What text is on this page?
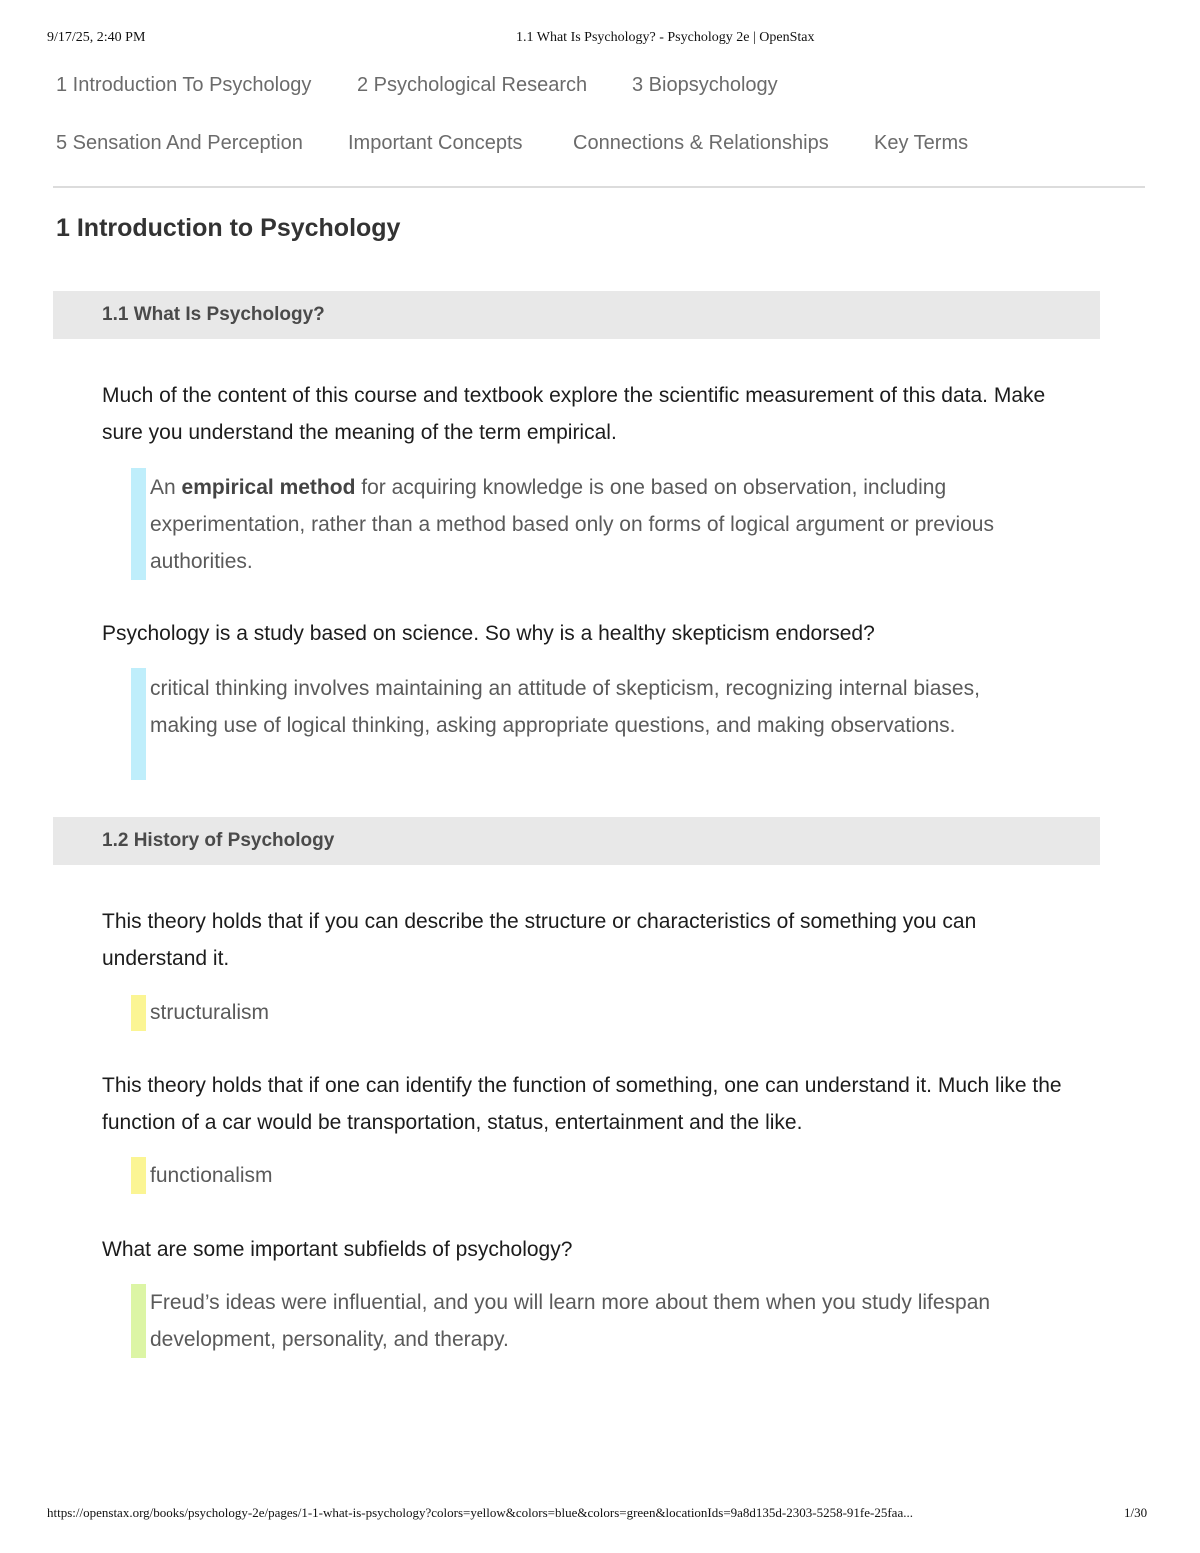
9/17/25, 2:40 PM	1.1 What Is Psychology? - Psychology 2e | OpenStax
1 Introduction To Psychology 2 Psychological Research 3 Biopsychology
5 Sensation And Perception Important Concepts	Connections & Relationships Key Terms
1 Introduction to Psychology
1.1 What Is Psychology?
Much of the content of this course and textbook explore the scientific measurement of this data. Make sure you understand the meaning of the term empirical.
An empirical method for acquiring knowledge is one based on observation, including experimentation, rather than a method based only on forms of logical argument or previous authorities.
Psychology is a study based on science. So why is a healthy skepticism endorsed?
critical thinking involves maintaining an attitude of skepticism, recognizing internal biases, making use of logical thinking, asking appropriate questions, and making observations.
1.2 History of Psychology
This theory holds that if you can describe the structure or characteristics of something you can understand it.
structuralism
This theory holds that if one can identify the function of something, one can understand it. Much like the function of a car would be transportation, status, entertainment and the like.
functionalism
What are some important subfields of psychology?
Freud’s ideas were influential, and you will learn more about them when you study lifespan development, personality, and therapy.
https://openstax.org/books/psychology-2e/pages/1-1-what-is-psychology?colors=yellow&colors=blue&colors=green&locationIds=9a8d135d-2303-5258-91fe-25faa...	1/30
